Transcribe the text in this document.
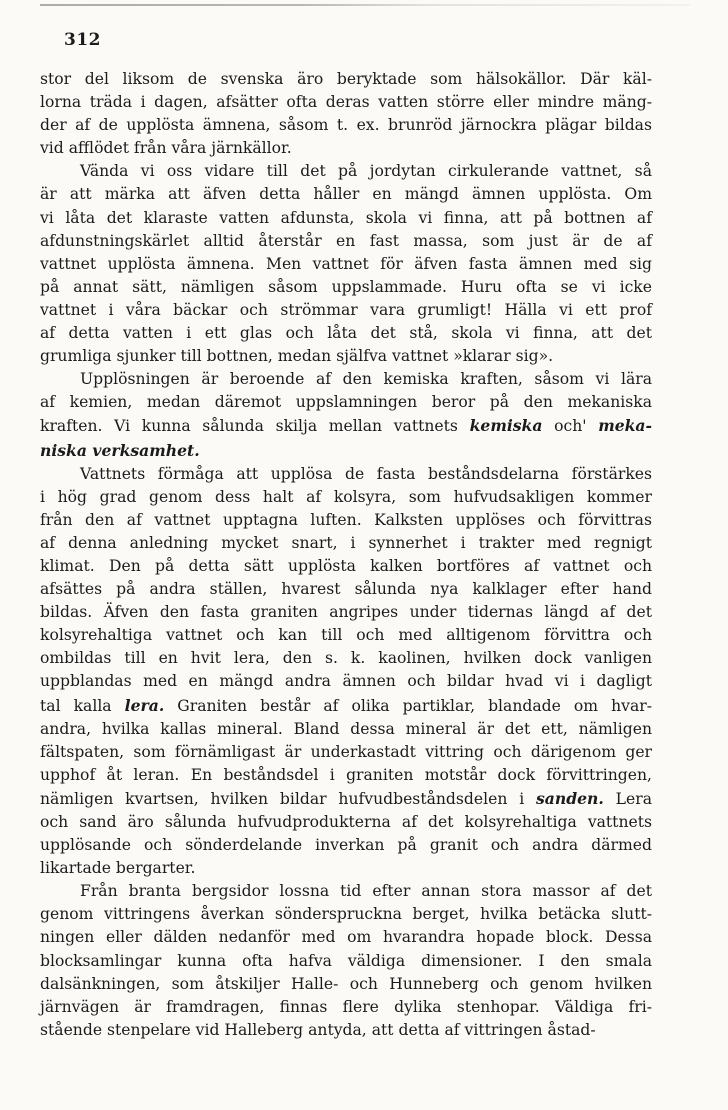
312
stor del liksom de svenska äro beryktade som hälsokällor. Där käl-
lorna träda i dagen, afsätter ofta deras vatten större eller mindre mäng-
der af de upplösta ämnena, såsom t. ex. brunröd järnockra plägar bildas
vid afflödet från våra järnkällor.
Vända vi oss vidare till det på jordytan cirkulerande vattnet, så
är att märka att äfven detta håller en mängd ämnen upplösta. Om
vi låta det klaraste vatten afdunsta, skola vi finna, att på bottnen af
afdunstningskärlet alltid återstår en fast massa, som just är de af
vattnet upplösta ämnena. Men vattnet för äfven fasta ämnen med sig
på annat sätt, nämligen såsom uppslammade. Huru ofta se vi icke
vattnet i våra bäckar och strömmar vara grumligt! Hälla vi ett prof
af detta vatten i ett glas och låta det stå, skola vi finna, att det
grumliga sjunker till bottnen, medan själfva vattnet »klarar sig».
Upplösningen är beroende af den kemiska kraften, såsom vi lära
af kemien, medan däremot uppslamningen beror på den mekaniska
kraften. Vi kunna sålunda skilja mellan vattnets kemiska och' meka-
niska verksamhet.
Vattnets förmåga att upplösa de fasta beståndsdelarna förstärkes
i hög grad genom dess halt af kolsyra, som hufvudsakligen kommer
från den af vattnet upptagna luften. Kalksten upplöses och förvittras
af denna anledning mycket snart, i synnerhet i trakter med regnigt
klimat. Den på detta sätt upplösta kalken bortföres af vattnet och
afsättes på andra ställen, hvarest sålunda nya kalklager efter hand
bildas. Äfven den fasta graniten angripes under tidernas längd af det
kolsyrehaltiga vattnet och kan till och med alltigenom förvittra och
ombildas till en hvit lera, den s. k. kaolinen, hvilken dock vanligen
uppblandas med en mängd andra ämnen och bildar hvad vi i dagligt
tal kalla lera. Graniten består af olika partiklar, blandade om hvar-
andra, hvilka kallas mineral. Bland dessa mineral är det ett, nämligen
fältspaten, som förnämligast är underkastadt vittring och därigenom ger
upphof åt leran. En beståndsdel i graniten motstår dock förvittringen,
nämligen kvartsen, hvilken bildar hufvudbeståndsdelen i sanden. Lera
och sand äro sålunda hufvudprodukterna af det kolsyrehaltiga vattnets
upplösande och sönderdelande inverkan på granit och andra därmed
likartade bergarter.
Från branta bergsidor lossna tid efter annan stora massor af det
genom vittringens åverkan sönderspruckna berget, hvilka betäcka slutt-
ningen eller dälden nedanför med om hvarandra hopade block. Dessa
blocksamlingar kunna ofta hafva väldiga dimensioner. I den smala
dalsänkningen, som åtskiljer Halle- och Hunneberg och genom hvilken
järnvägen är framdragen, finnas flere dylika stenhopar. Väldiga fri-
stående stenpelare vid Halleberg antyda, att detta af vittringen åstad-
